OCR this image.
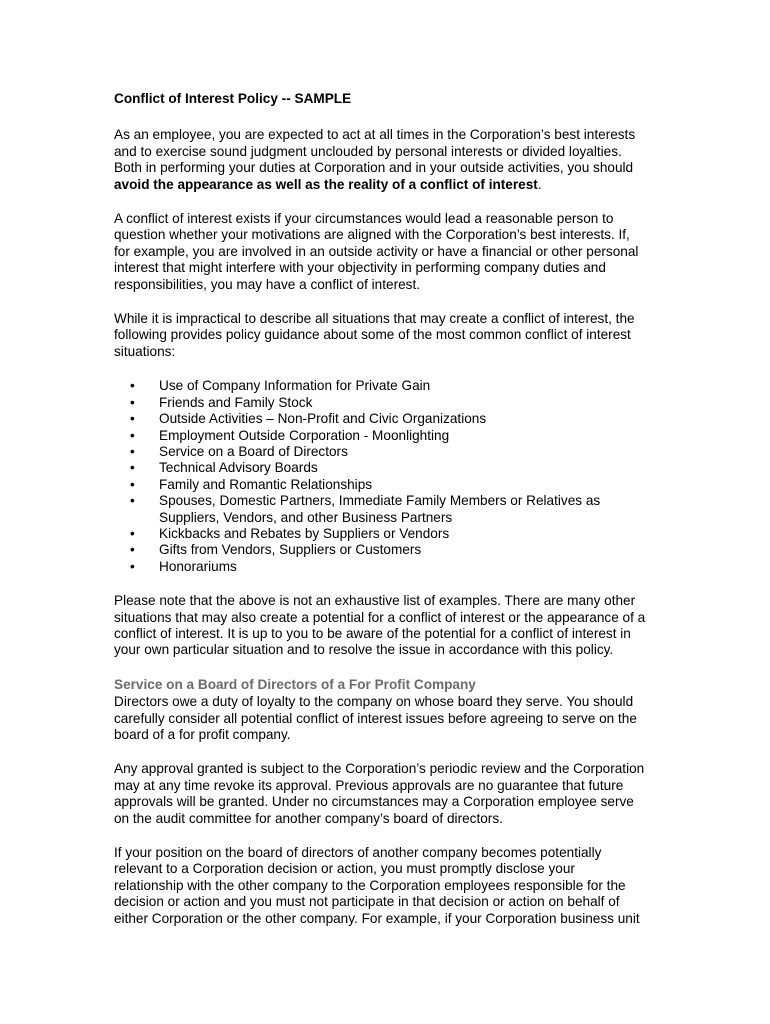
Conflict of Interest Policy -- SAMPLE
As an employee, you are expected to act at all times in the Corporation’s best interests
and to exercise sound judgment unclouded by personal interests or divided loyalties.
Both in performing your duties at Corporation and in your outside activities, you should
avoid the appearance as well as the reality of a conflict of interest.
A conflict of interest exists if your circumstances would lead a reasonable person to
question whether your motivations are aligned with the Corporation’s best interests. If,
for example, you are involved in an outside activity or have a financial or other personal
interest that might interfere with your objectivity in performing company duties and
responsibilities, you may have a conflict of interest.
While it is impractical to describe all situations that may create a conflict of interest, the
following provides policy guidance about some of the most common conflict of interest
situations:
• Use of Company Information for Private Gain
• Friends and Family Stock
• Outside Activities – Non-Profit and Civic Organizations
• Employment Outside Corporation - Moonlighting
• Service on a Board of Directors
• Technical Advisory Boards
• Family and Romantic Relationships
• Spouses, Domestic Partners, Immediate Family Members or Relatives as
Suppliers, Vendors, and other Business Partners
• Kickbacks and Rebates by Suppliers or Vendors
• Gifts from Vendors, Suppliers or Customers
• Honorariums
Please note that the above is not an exhaustive list of examples. There are many other
situations that may also create a potential for a conflict of interest or the appearance of a
conflict of interest. It is up to you to be aware of the potential for a conflict of interest in
your own particular situation and to resolve the issue in accordance with this policy.
Service on a Board of Directors of a For Profit Company
Directors owe a duty of loyalty to the company on whose board they serve. You should
carefully consider all potential conflict of interest issues before agreeing to serve on the
board of a for profit company.
Any approval granted is subject to the Corporation’s periodic review and the Corporation
may at any time revoke its approval. Previous approvals are no guarantee that future
approvals will be granted. Under no circumstances may a Corporation employee serve
on the audit committee for another company’s board of directors.
If your position on the board of directors of another company becomes potentially
relevant to a Corporation decision or action, you must promptly disclose your
relationship with the other company to the Corporation employees responsible for the
decision or action and you must not participate in that decision or action on behalf of
either Corporation or the other company. For example, if your Corporation business unit
